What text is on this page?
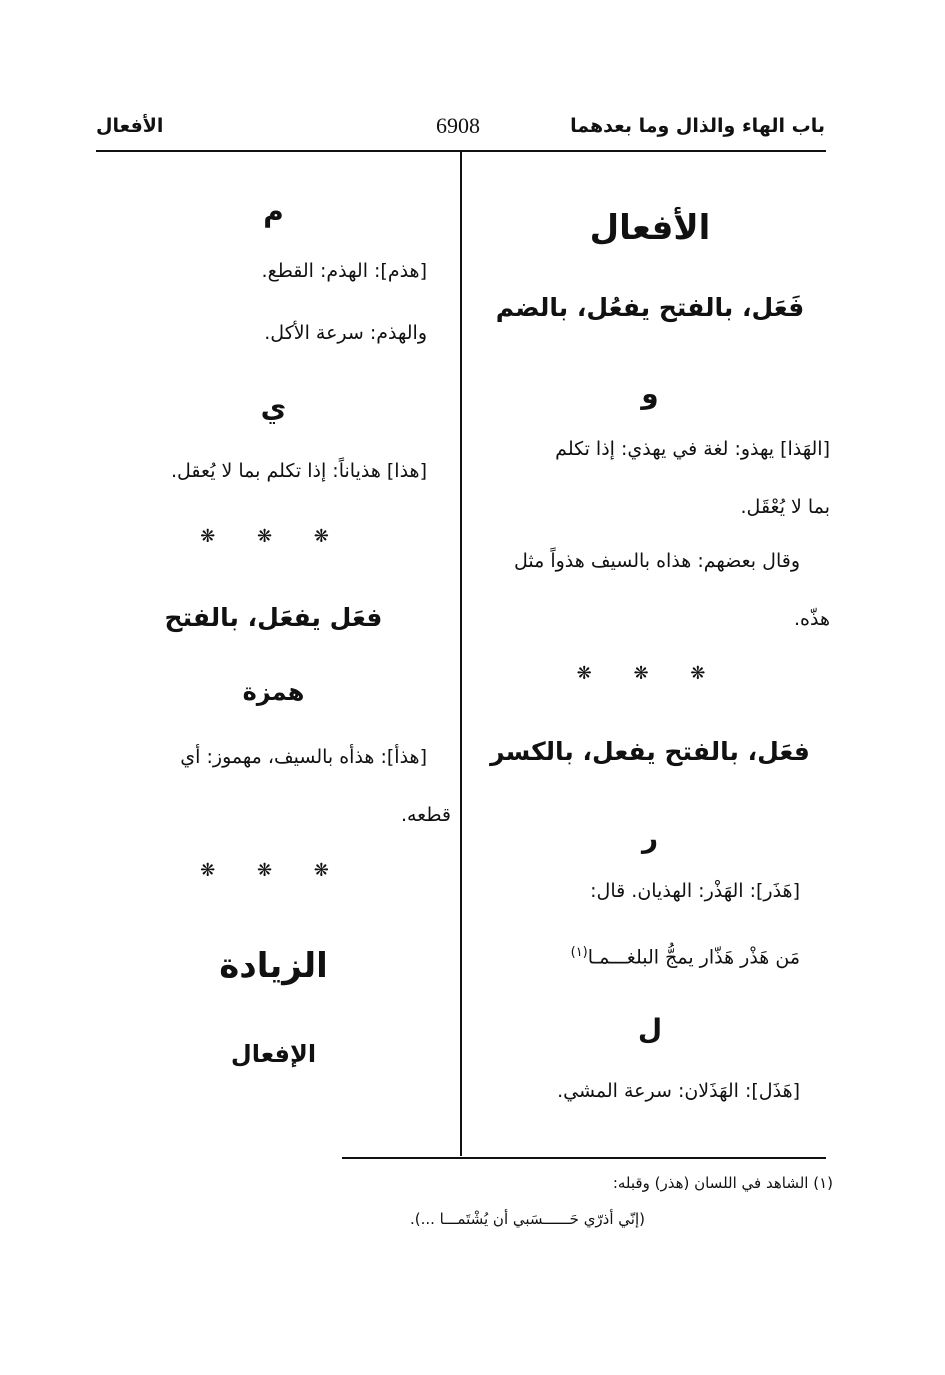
باب الهاء والذال وما بعدهما
6908
الأفعال
الأفعال
فَعَل، بالفتح يفعُل، بالضم
و
[الهَذا] يهذو: لغة في يهذي: إذا تكلم
بما لا يُعْقَل.
وقال بعضهم: هذاه بالسيف هذواً مثل
هذّه.
❋ ❋ ❋
فعَل، بالفتح يفعل، بالكسر
ر
[هَذَر]: الهَذْر: الهذيان. قال:
مَن هَذْر هَذّار يمجُّ البلغـــمـا$^{(١)}$
ل
[هَذَل]: الهَذَلان: سرعة المشي.
م
[هذم]: الهذم: القطع.
والهذم: سرعة الأكل.
ي
[هذا] هذياناً: إذا تكلم بما لا يُعقل.
❋ ❋ ❋
فعَل يفعَل، بالفتح
همزة
[هذأ]: هذأه بالسيف، مهموز: أي
قطعه.
❋ ❋ ❋
الزيادة
الإفعال
(١) الشاهد في اللسان (هذر) وقبله:
(إنّي أذرّي حَــــــسَبي أن يُشْتَمـــا ...).
